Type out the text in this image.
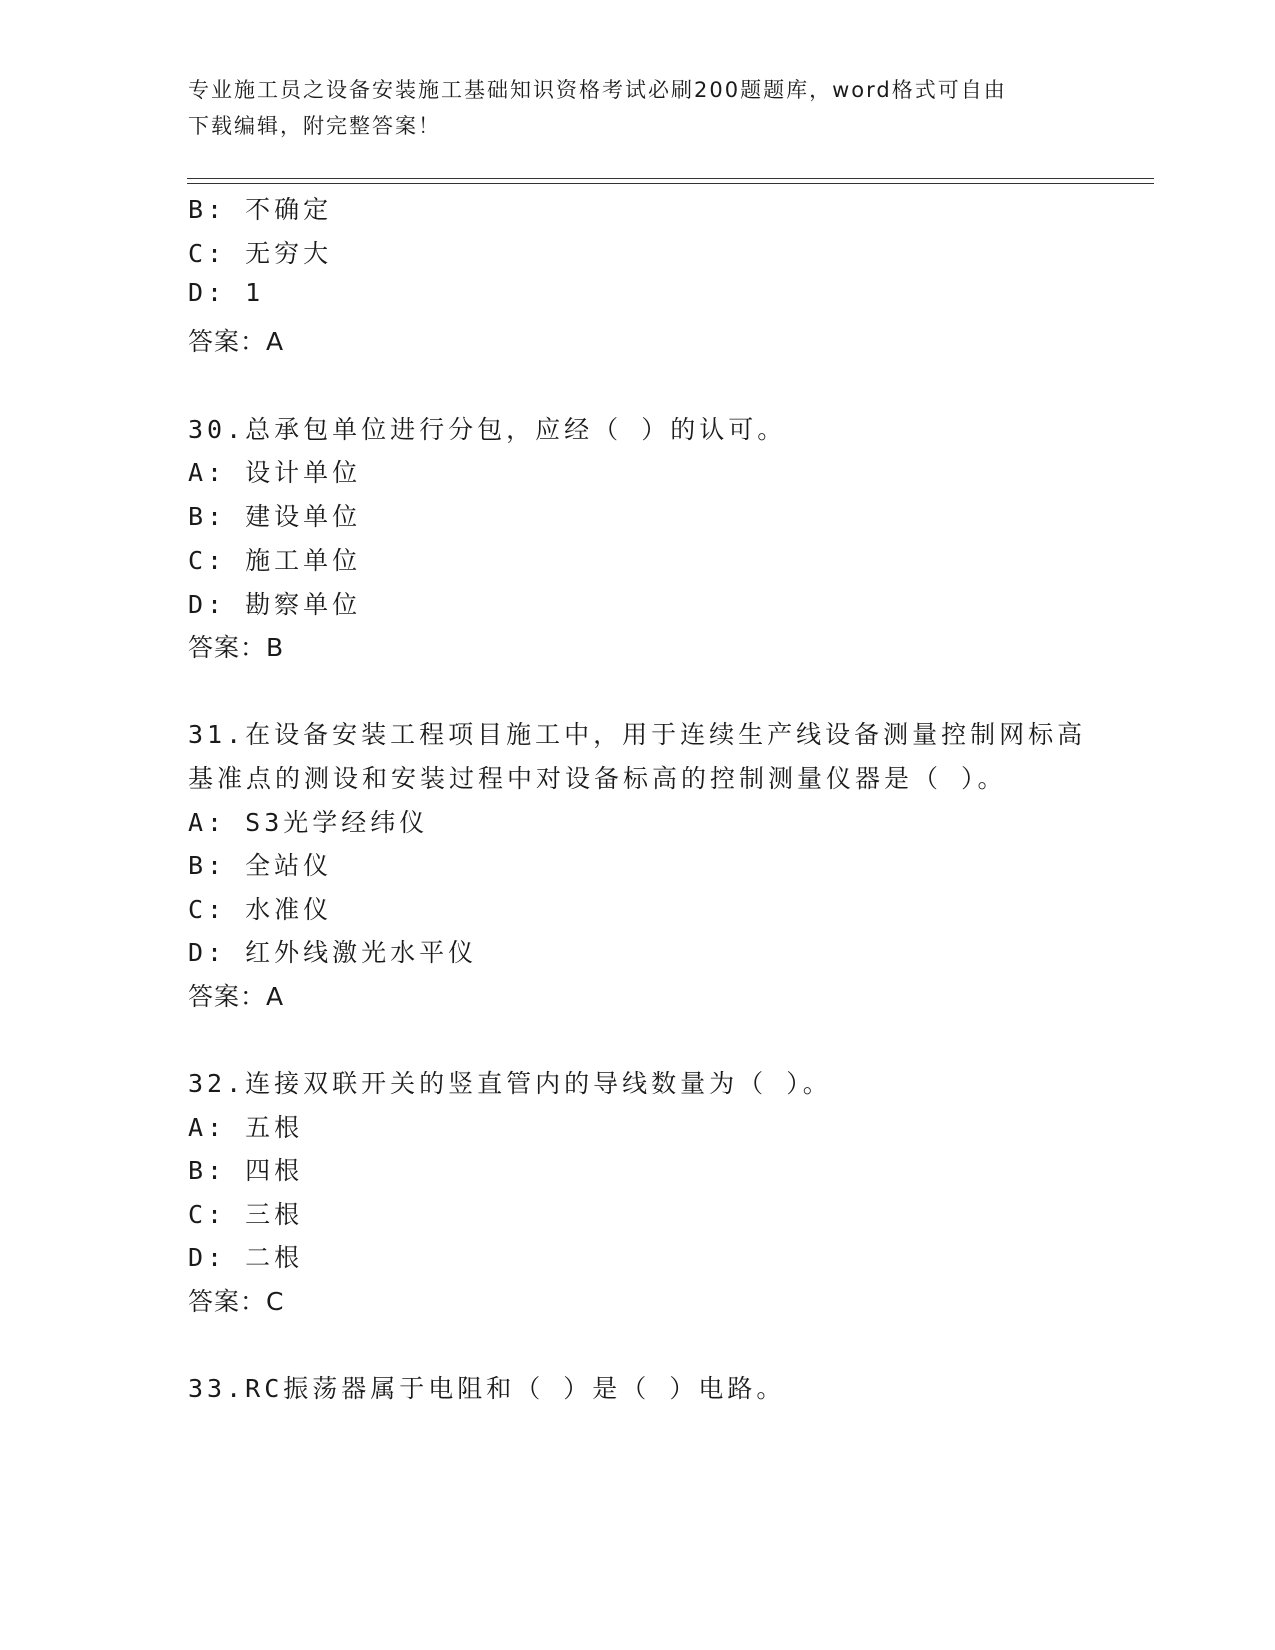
专业施工员之设备安装施工基础知识资格考试必刷200题题库，word格式可自由
下载编辑，附完整答案！
B: 不确定
C: 无穷大
D: 1
答案：A
30.总承包单位进行分包，应经（ ）的认可。
A: 设计单位
B: 建设单位
C: 施工单位
D: 勘察单位
答案：B
31.在设备安装工程项目施工中，用于连续生产线设备测量控制网标高
基准点的测设和安装过程中对设备标高的控制测量仪器是（ ）。
A: S3光学经纬仪
B: 全站仪
C: 水准仪
D: 红外线激光水平仪
答案：A
32.连接双联开关的竖直管内的导线数量为（ ）。
A: 五根
B: 四根
C: 三根
D: 二根
答案：C
33.RC振荡器属于电阻和（ ）是（ ）电路。
